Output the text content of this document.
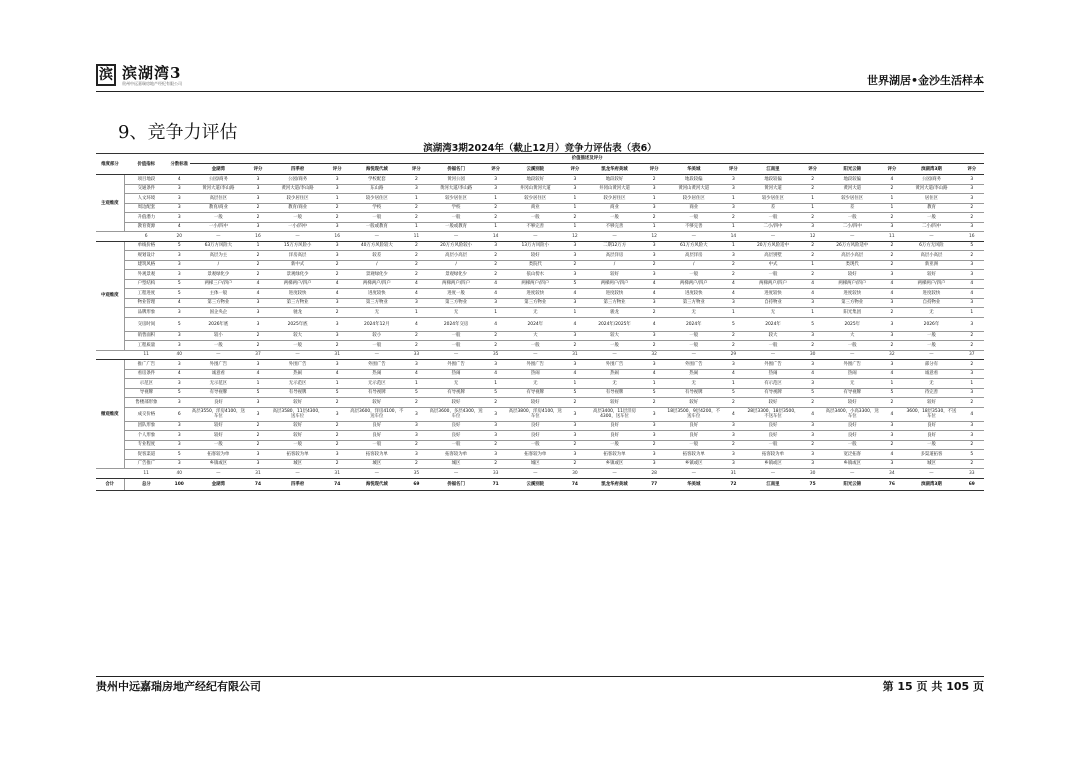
滨 滨湖湾3
贵州中远嘉瑞房地产经纪有限公司	世界湖居•金沙生活样本
9、竞争力评估
滨湖湾3期2024年（截止12月）竞争力评估表（表6）
维度部分	价值指标	分数标准	价值描述及评分																			
			金湖湾	评分	四季府	评分	海悦现代城	评分	侨福名门	评分	云溪别院	评分	凯龙华府美城	评分	华美城	评分	江南里	评分	阳光云锦	评分	滨湖湾3期	评分
主观维度	项目地段	4	公园/商务	3	公园/商务	3	学校配套	2	黄河公园	3	地段较好	3	地段较好	2	地段较偏	3	地段较偏	2	地段较偏	4	公园/商务	3
	交通条件	3	黄河大道/李山路	3	黄河大道/李山路	3	东山路	3	黄河大道/李山路	3	井冈山黄河大道	3	井冈山黄河大道	3	黄河山黄河大道	3	黄河大道	2	黄河大道	2	黄河大道/李山路	3
	人文环境	3	高层住区	3	较少居住区	1	较少居住区	1	较少居住区	1	较少居住区	1	较少居住区	1	较少居住区	1	较少居住区	1	较少居住区	1	居住区	3
	周边配套	3	教育/商业	2	教育/商业	2	学校	2	学校	2	商业	1	商业	3	商业	3	差	1	差	1	教育	2
	升值潜力	3	一般	2	一般	2	一般	2	一般	2	一般	2	一般	2	一般	2	一般	2	一般	2	一般	2
	教育资源	4	一小/四中	3	一小/四中	3	一般或教育	1	一般或教育	1	不够完善	1	不够完善	1	不够完善	1	二小/四中	3	二小/四中	3	二小/四中	3
	6	20	—	16	—	16	—	11	—	14	—	12	—	12	—	14	—	12	—	11	—	16
中观维度	单线价格	5	63万方风险大	1	15万方风险小	3	40万方风险较大	2	20万方风险较小	3	13万方风险小	3	二期12万方	3	61万方风险大	1	20万方风险适中	2	26万方风险适中	2	6万方无风险	5
	规划设计	3	高层为主	2	洋房高层	3	较差	2	高层小高层	2	较好	3	高层洋房	3	高层洋房	3	高层别墅	2	高层小高层	2	高层小高层	2
	建筑风格	3	/	2	新中式	2	/	2	/	2	类院代	2	/	2	/	2	中式	1	类现代	2	新亚洲	3
	外观景观	3	景观绿化少	2	景观绿化少	2	景观绿化少	2	景观绿化少	2	依山傍水	3	较好	3	一般	2	一般	2	较好	3	较好	3
	户型结构	5	两梯三户/四户	4	两梯两户/四户	4	两梯两户/四户	4	两梯两户/四户	4	两梯两户/四户	5	两梯两户/四户	4	两梯两户/四户	4	两梯两户/四户	4	两梯两户/四户	4	两梯两户/四户	4
	工程进度	5	主体一般	4	进度较快	4	进度较快	4	进度一般	4	进度较快	4	进度较快	4	进度较快	4	进度较快	4	进度较快	4	进度较快	4
	物业管理	4	第三方物业	3	第三方物业	3	第三方物业	3	第三方物业	3	第三方物业	3	第三方物业	3	第三方物业	3	自持物业	3	第三方物业	3	自持物业	3
	品牌形象	3	国企央企	3	驰龙	2	无	1	无	1	无	1	骏龙	2	无	1	无	1	阳光集团	2	无	1
	交房时间	5	2026年底	3	2025年底	3	2024年12月	4	2024年交房	4	2024年	4	2024年/2025年	4	2024年	5	2024年	5	2025年	3	2026年	3
	销售面积	3	较小	2	较大	3	较小	2	一般	2	大	3	较大	3	一般	2	较大	3	大	3	一般	2
	工程质量	3	一般	2	一般	2	一般	2	一般	2	一般	2	一般	2	一般	2	一般	2	一般	2	一般	2
	11	40	—	37	—	31	—	33	—	35	—	31	—	32	—	29	—	30	—	32	—	37
微观维度	推广广告	3	外围广告	3	外围广告	3	外围广告	3	外围广告	3	外围广告	3	外围广告	3	外围广告	3	外围广告	3	外围广告	3	部分有	2
	看房条件	4	诚意看	4	热闹	4	热闹	4	热闹	4	热闹	4	热闹	4	热闹	4	热闹	4	热闹	4	诚意看	3
	示范区	3	无示范区	1	无示范区	1	无示范区	1	无	1	无	1	无	1	无	1	有示范区	3	无	1	无	1
	导视牌	5	有导视牌	5	有导视牌	5	有导视牌	5	有导视牌	5	有导视牌	5	有导视牌	5	有导视牌	5	有导视牌	5	有导视牌	5	待完善	3
	售楼部形象	3	良好	3	较好	2	较好	2	较好	2	较好	2	较好	2	较好	2	较好	2	较好	2	较好	2
	成交价格	6	高层3550，洋房4100，送车位	3	高层3580，11层4300，送车位	3	高层3600，洋房4100，不送车位	3	高层3600，多层4300，送车位	3	高层3800，洋房4100，送车位	3	高层3400，11层洋房4300，送车位	3	18层3500，9层4200，不送车位	4	28层3300，18层3500，不送车位	4	高层3400，小高3300，送车位	4	3600，18层3530，不送车位	4
	团队形象	3	较好	2	较好	2	良好	3	良好	3	良好	3	良好	3	良好	3	良好	3	良好	3	良好	3
	个人形象	3	较好	2	较好	2	良好	3	良好	3	良好	3	良好	3	良好	3	良好	3	良好	3	良好	3
	专业程度	3	一般	2	一般	2	一般	2	一般	2	一般	2	一般	2	一般	2	一般	2	一般	2	一般	2
	促客渠道	5	拓客较为单	3	拓客较为单	3	拓客较为单	3	拓客较为单	3	拓客较为单	3	拓客较为单	3	拓客较为单	3	拓客较为单	3	宽泛拓客	4	多渠道拓客	5
	广告推广	3	乡镇或区	3	城区	2	城区	2	城区	2	城区	2	乡镇或区	3	乡镇或区	3	乡镇或区	3	乡镇或区	3	城区	2
	11	40	—	31	—	31	—	35	—	33	—	30	—	28	—	31	—	30	—	34	—	33
合计	总分	100	金湖湾	74	四季府	74	海悦现代城	69	侨福名门	71	云溪别院	74	凯龙华府美城	77	华美城	72	江南里	75	阳光云锦	76	滨湖湾3期	69
贵州中远嘉瑞房地产经纪有限公司	第 15 页 共 105 页
